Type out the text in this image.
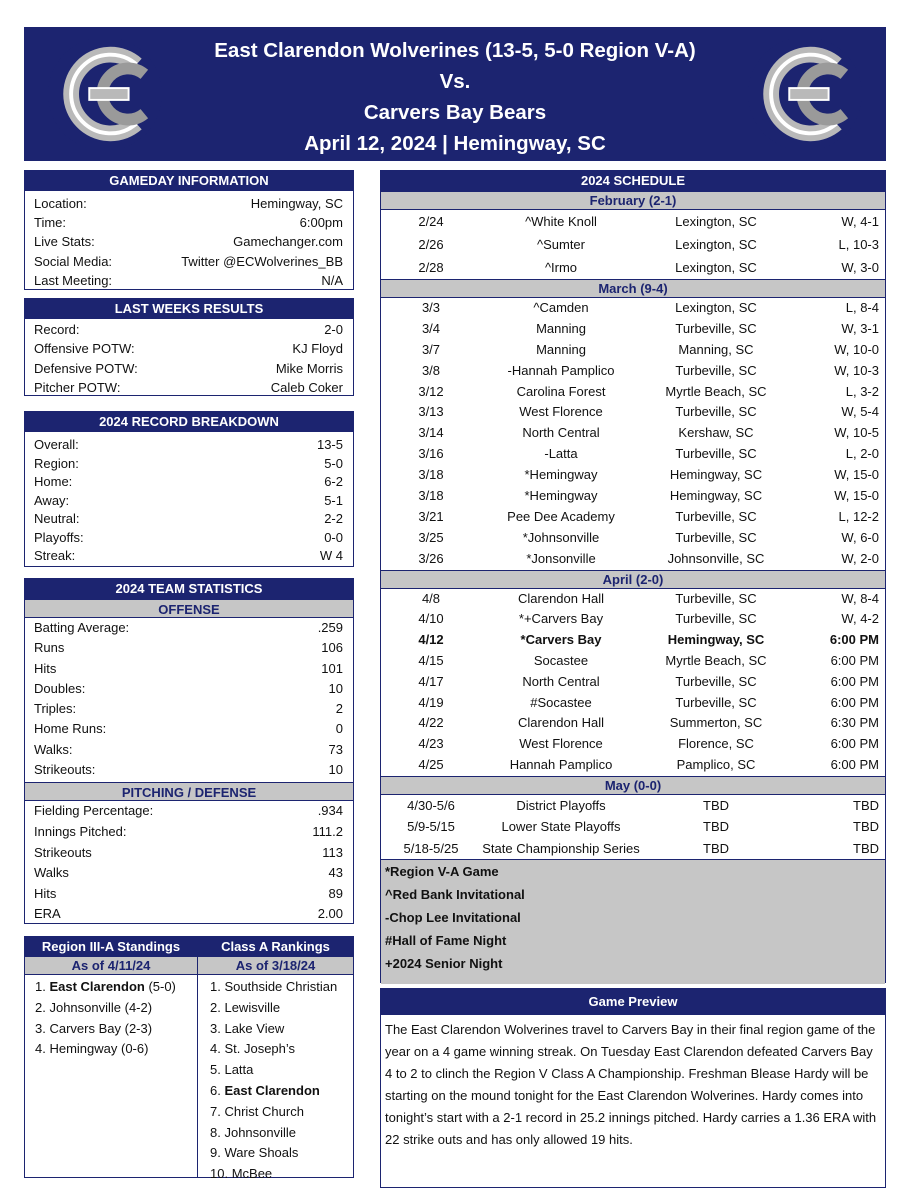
East Clarendon Wolverines (13-5, 5-0 Region V-A)
Vs.
Carvers Bay Bears
April 12, 2024 | Hemingway, SC
GAMEDAY INFORMATION
Location:	Hemingway, SC
Time:	6:00pm
Live Stats:	Gamechanger.com
Social Media:	Twitter @ECWolverines_BB
Last Meeting:	N/A
LAST WEEKS RESULTS
Record:	2-0
Offensive POTW:	KJ Floyd
Defensive POTW:	Mike Morris
Pitcher POTW:	Caleb Coker
2024 RECORD BREAKDOWN
Overall:	13-5
Region:	5-0
Home:	6-2
Away:	5-1
Neutral:	2-2
Playoffs:	0-0
Streak:	W 4
2024 TEAM STATISTICS
OFFENSE
Batting Average:	.259
Runs	106
Hits	101
Doubles:	10
Triples:	2
Home Runs:	0
Walks:	73
Strikeouts:	10
PITCHING / DEFENSE
Fielding Percentage:	.934
Innings Pitched:	111.2
Strikeouts	113
Walks	43
Hits	89
ERA	2.00
Region III-A Standings
As of 4/11/24
1. East Clarendon (5-0)
2. Johnsonville (4-2)
3. Carvers Bay (2-3)
4. Hemingway (0-6)
Class A Rankings
As of 3/18/24
1. Southside Christian
2. Lewisville
3. Lake View
4. St. Joseph’s
5. Latta
6. East Clarendon
7. Christ Church
8. Johnsonville
9. Ware Shoals
10. McBee
2024 SCHEDULE
February (2-1)
2/24	^White Knoll	Lexington, SC	W, 4-1
2/26	^Sumter	Lexington, SC	L, 10-3
2/28	^Irmo	Lexington, SC	W, 3-0
March (9-4)
3/3	^Camden	Lexington, SC	L, 8-4
3/4	Manning	Turbeville, SC	W, 3-1
3/7	Manning	Manning, SC	W, 10-0
3/8	-Hannah Pamplico	Turbeville, SC	W, 10-3
3/12	Carolina Forest	Myrtle Beach, SC	L, 3-2
3/13	West Florence	Turbeville, SC	W, 5-4
3/14	North Central	Kershaw, SC	W, 10-5
3/16	-Latta	Turbeville, SC	L, 2-0
3/18	*Hemingway	Hemingway, SC	W, 15-0
3/18	*Hemingway	Hemingway, SC	W, 15-0
3/21	Pee Dee Academy	Turbeville, SC	L, 12-2
3/25	*Johnsonville	Turbeville, SC	W, 6-0
3/26	*Jonsonville	Johnsonville, SC	W, 2-0
April (2-0)
4/8	Clarendon Hall	Turbeville, SC	W, 8-4
4/10	*+Carvers Bay	Turbeville, SC	W, 4-2
4/12	*Carvers Bay	Hemingway, SC	6:00 PM
4/15	Socastee	Myrtle Beach, SC	6:00 PM
4/17	North Central	Turbeville, SC	6:00 PM
4/19	#Socastee	Turbeville, SC	6:00 PM
4/22	Clarendon Hall	Summerton, SC	6:30 PM
4/23	West Florence	Florence, SC	6:00 PM
4/25	Hannah Pamplico	Pamplico, SC	6:00 PM
May (0-0)
4/30-5/6	District Playoffs	TBD	TBD
5/9-5/15	Lower State Playoffs	TBD	TBD
5/18-5/25	State Championship Series	TBD	TBD
*Region V-A Game
^Red Bank Invitational
-Chop Lee Invitational
#Hall of Fame Night
+2024 Senior Night
Game Preview
The East Clarendon Wolverines travel to Carvers Bay in their final region game of the year on a 4 game winning streak. On Tuesday East Clarendon defeated Carvers Bay 4 to 2 to clinch the Region V Class A Championship. Freshman Blease Hardy will be starting on the mound tonight for the East Clarendon Wolverines. Hardy comes into tonight’s start with a 2-1 record in 25.2 innings pitched. Hardy carries a 1.36 ERA with 22 strike outs and has only allowed 19 hits.
